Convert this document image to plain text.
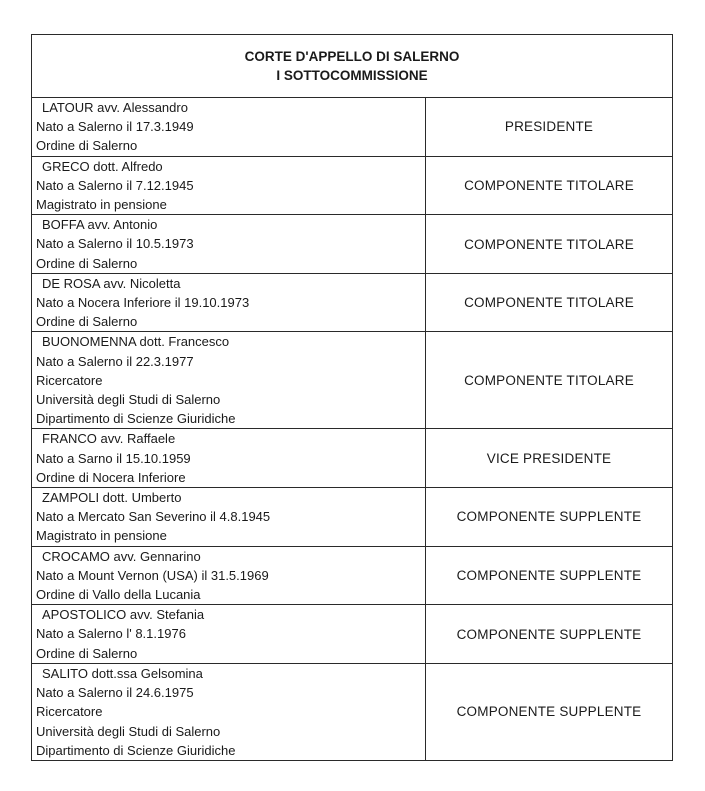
CORTE D'APPELLO DI SALERNO
I SOTTOCOMMISSIONE
LATOUR avv. Alessandro
Nato a Salerno il 17.3.1949
Ordine di Salerno
PRESIDENTE
GRECO dott. Alfredo
Nato a Salerno il 7.12.1945
Magistrato in pensione
COMPONENTE TITOLARE
BOFFA avv. Antonio
Nato a Salerno il 10.5.1973
Ordine di Salerno
COMPONENTE TITOLARE
DE ROSA avv. Nicoletta
Nato a Nocera Inferiore il 19.10.1973
Ordine di Salerno
COMPONENTE TITOLARE
BUONOMENNA dott. Francesco
Nato a Salerno il 22.3.1977
Ricercatore
Università degli Studi di Salerno
Dipartimento di Scienze Giuridiche
COMPONENTE TITOLARE
FRANCO avv. Raffaele
Nato a Sarno il 15.10.1959
Ordine di Nocera Inferiore
VICE PRESIDENTE
ZAMPOLI dott. Umberto
Nato a Mercato San Severino il 4.8.1945
Magistrato in pensione
COMPONENTE SUPPLENTE
CROCAMO avv. Gennarino
Nato a Mount Vernon (USA) il 31.5.1969
Ordine di Vallo della Lucania
COMPONENTE SUPPLENTE
APOSTOLICO avv. Stefania
Nato a Salerno l' 8.1.1976
Ordine di Salerno
COMPONENTE SUPPLENTE
SALITO dott.ssa Gelsomina
Nato a Salerno il 24.6.1975
Ricercatore
Università degli Studi di Salerno
Dipartimento di Scienze Giuridiche
COMPONENTE SUPPLENTE
